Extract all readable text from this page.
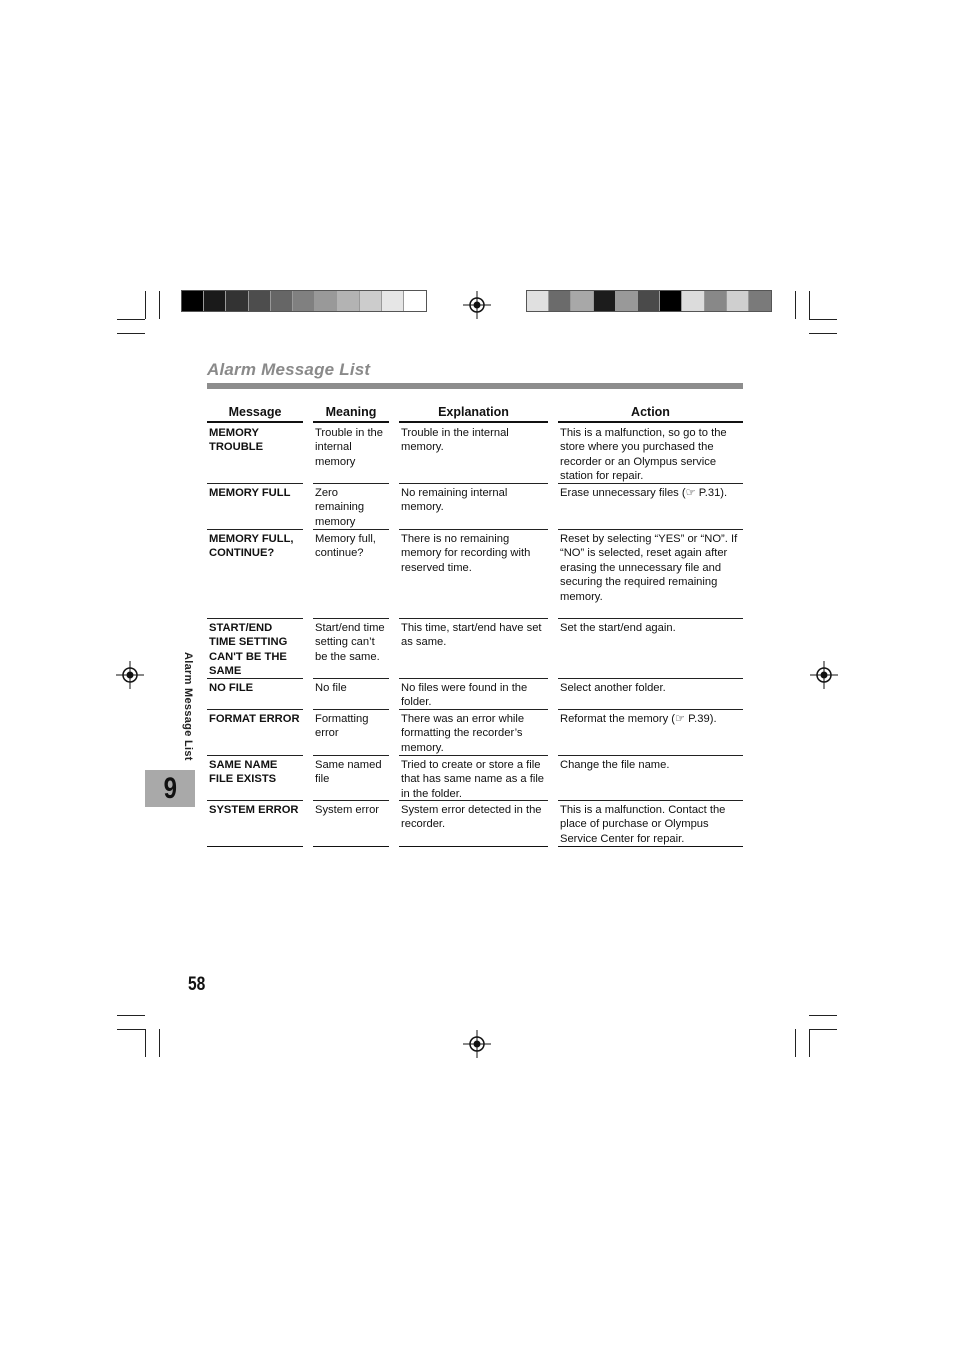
Alarm Message List
Message	Meaning	Explanation	Action

MEMORY TROUBLE	Trouble in the internal memory	Trouble in the internal memory.	This is a malfunction, so go to the store where you purchased the recorder or an Olympus service station for repair.

MEMORY FULL	Zero remaining memory	No remaining internal memory.	Erase unnecessary files (☞ P.31).

MEMORY FULL, CONTINUE?	Memory full, continue?	There is no remaining memory for recording with reserved time.	Reset by selecting “YES” or “NO”. If “NO” is selected, reset again after erasing the unnecessary file and securing the required remaining memory.

START/END TIME SETTING CAN'T BE THE SAME	Start/end time setting can’t be the same.	This time, start/end have set as same.	Set the start/end again.

NO FILE	No file	No files were found in the folder.	Select another folder.

FORMAT ERROR	Formatting error	There was an error while formatting the recorder’s memory.	Reformat the memory (☞ P.39).

SAME NAME FILE EXISTS	Same named file	Tried to create or store a file that has same name as a file in the folder.	Change the file name.

SYSTEM ERROR	System error	System error detected in the recorder.	This is a malfunction. Contact the place of purchase or Olympus Service Center for repair.
Alarm Message List
9
58
